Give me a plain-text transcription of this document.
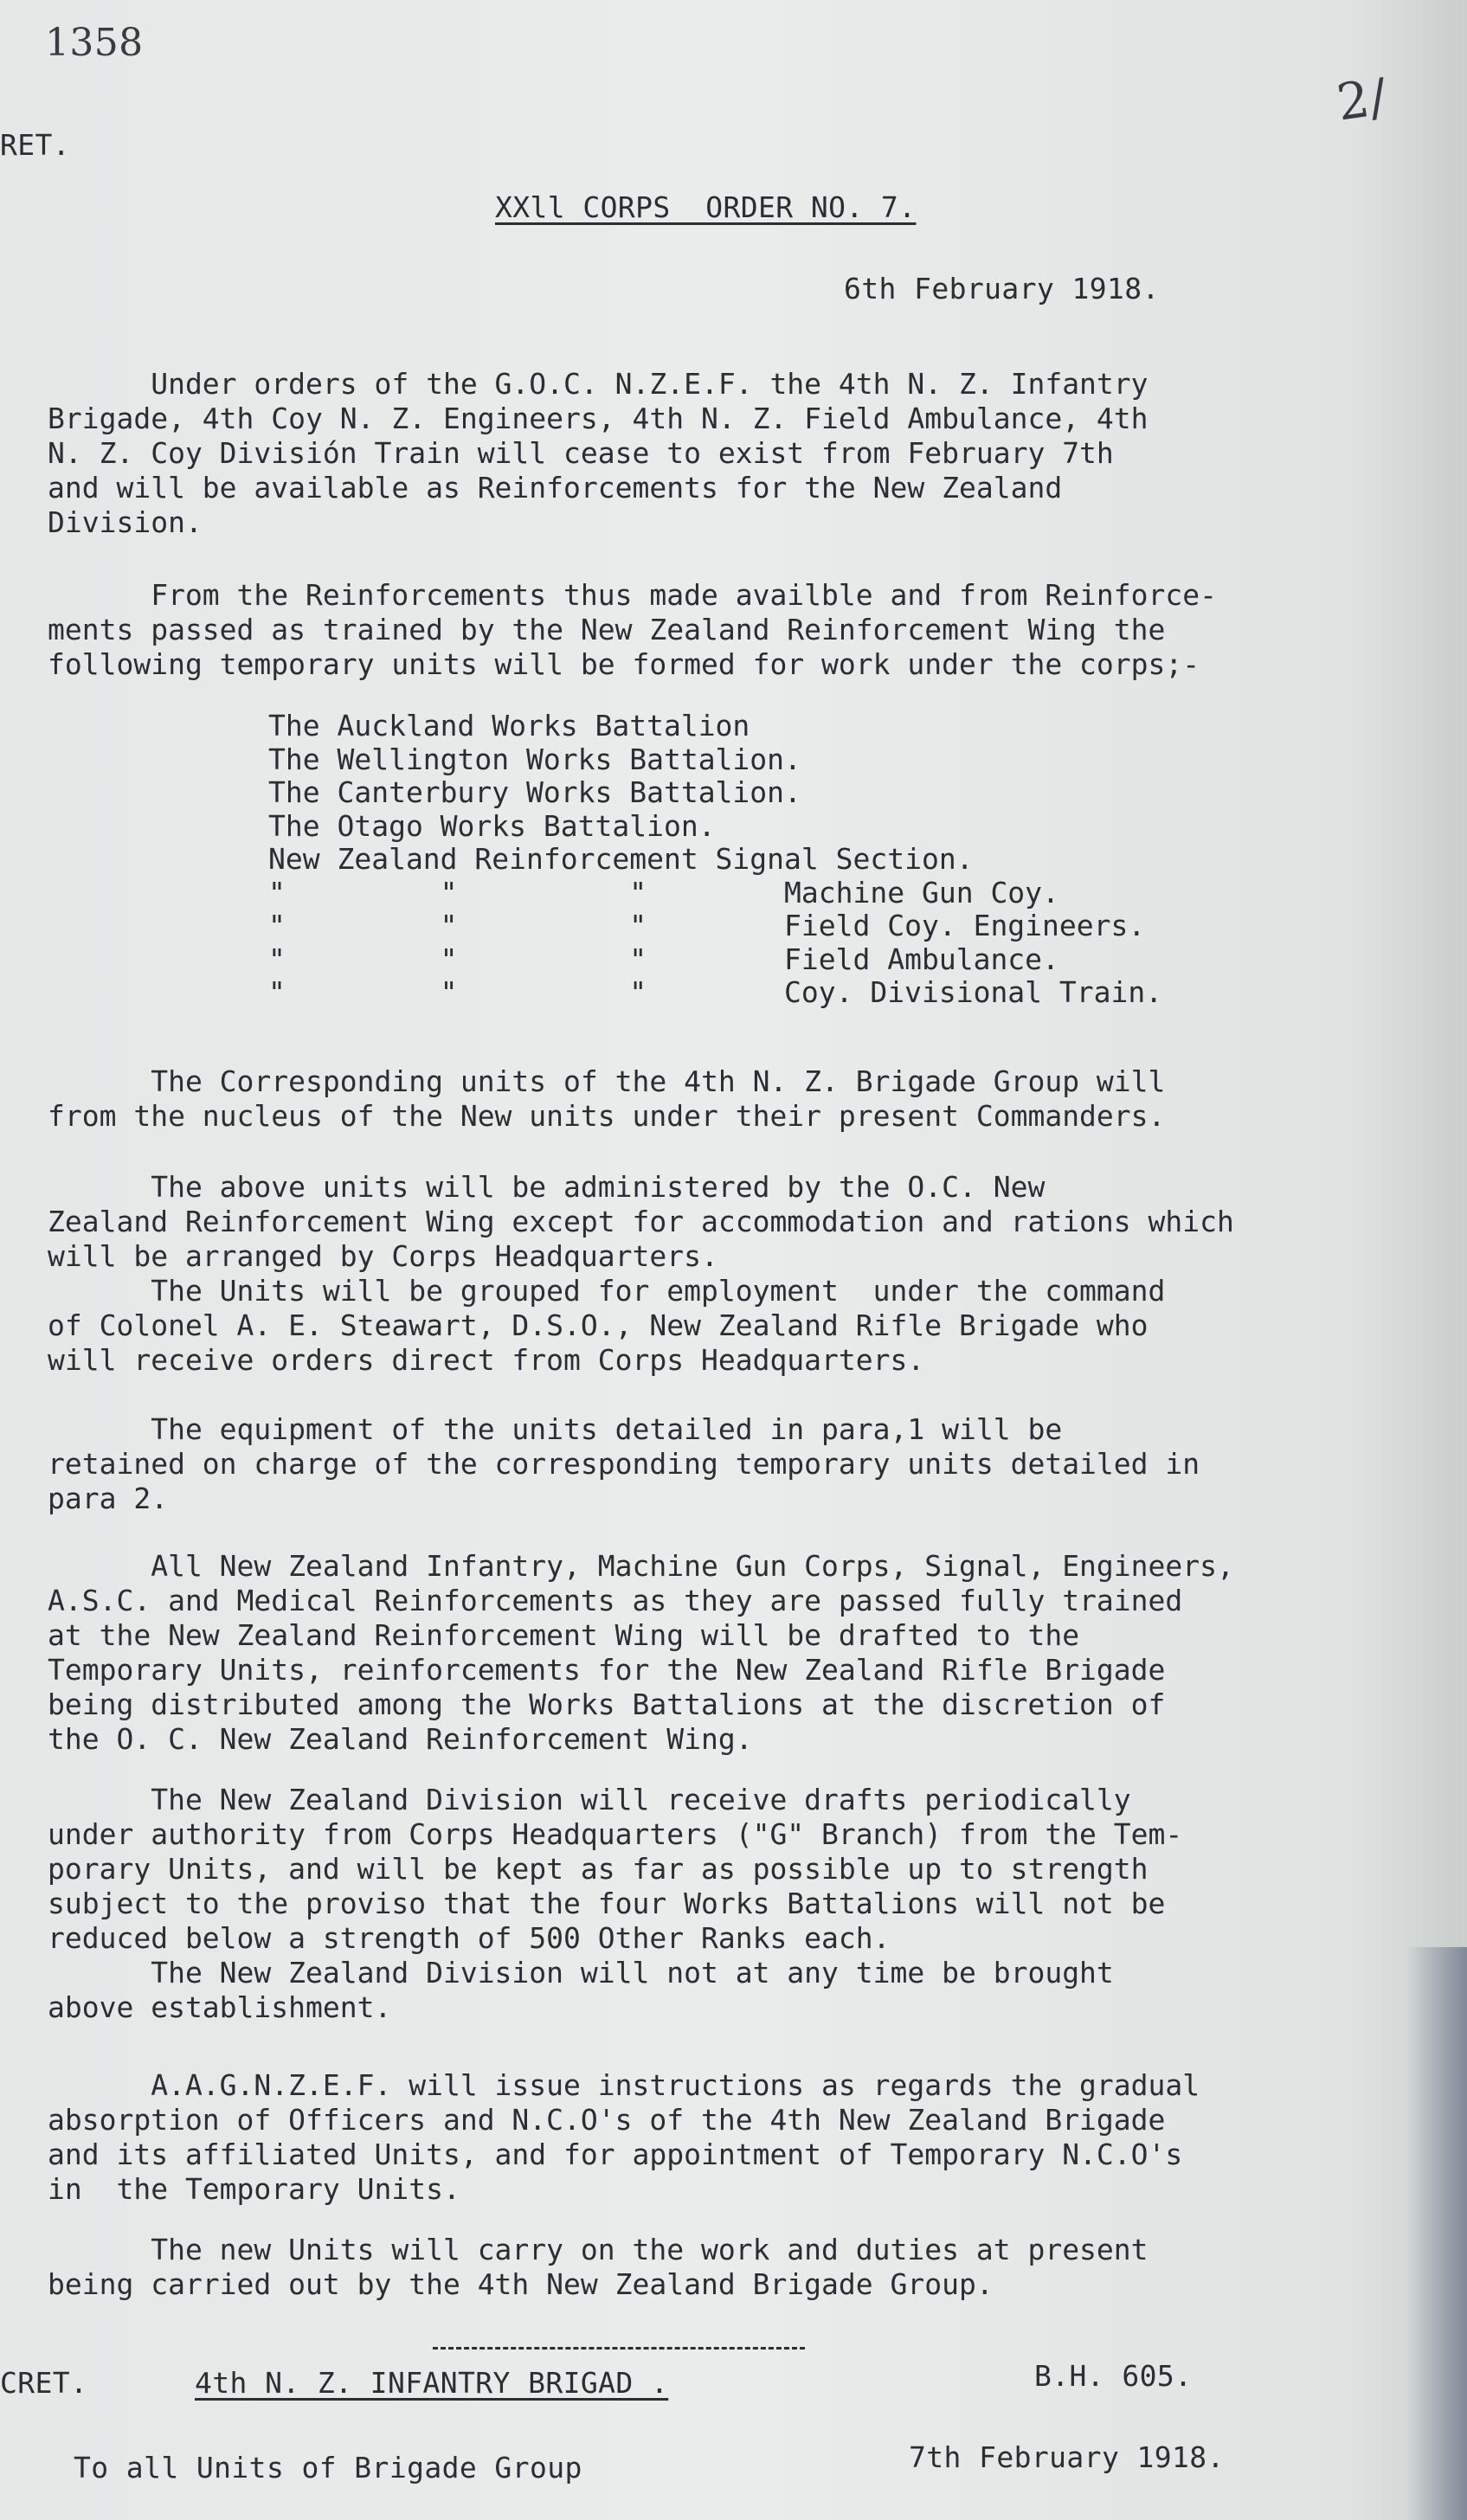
1358
2/
RET.
XXll CORPS  ORDER NO. 7.
6th February 1918.
Under orders of the G.O.C. N.Z.E.F. the 4th N. Z. Infantry
Brigade, 4th Coy N. Z. Engineers, 4th N. Z. Field Ambulance, 4th
N. Z. Coy División Train will cease to exist from February 7th
and will be available as Reinforcements for the New Zealand
Division.
From the Reinforcements thus made availble and from Reinforce-
ments passed as trained by the New Zealand Reinforcement Wing the
following temporary units will be formed for work under the corps;-
The Auckland Works Battalion
The Wellington Works Battalion.
The Canterbury Works Battalion.
The Otago Works Battalion.
New Zealand Reinforcement Signal Section.
"         "          "        Machine Gun Coy.
"         "          "        Field Coy. Engineers.
"         "          "        Field Ambulance.
"         "          "        Coy. Divisional Train.
The Corresponding units of the 4th N. Z. Brigade Group will
from the nucleus of the New units under their present Commanders.
The above units will be administered by the O.C. New
Zealand Reinforcement Wing except for accommodation and rations which
will be arranged by Corps Headquarters.
The Units will be grouped for employment  under the command
of Colonel A. E. Steawart, D.S.O., New Zealand Rifle Brigade who
will receive orders direct from Corps Headquarters.
The equipment of the units detailed in para,1 will be
retained on charge of the corresponding temporary units detailed in
para 2.
All New Zealand Infantry, Machine Gun Corps, Signal, Engineers,
A.S.C. and Medical Reinforcements as they are passed fully trained
at the New Zealand Reinforcement Wing will be drafted to the
Temporary Units, reinforcements for the New Zealand Rifle Brigade
being distributed among the Works Battalions at the discretion of
the O. C. New Zealand Reinforcement Wing.
The New Zealand Division will receive drafts periodically
under authority from Corps Headquarters ("G" Branch) from the Tem-
porary Units, and will be kept as far as possible up to strength
subject to the proviso that the four Works Battalions will not be
reduced below a strength of 500 Other Ranks each.
The New Zealand Division will not at any time be brought
above establishment.
A.A.G.N.Z.E.F. will issue instructions as regards the gradual
absorption of Officers and N.C.O's of the 4th New Zealand Brigade
and its affiliated Units, and for appointment of Temporary N.C.O's
in  the Temporary Units.
The new Units will carry on the work and duties at present
being carried out by the 4th New Zealand Brigade Group.
CRET.	4th N. Z. INFANTRY BRIGAD .	B.H. 605.
To all Units of Brigade Group	7th February 1918.
